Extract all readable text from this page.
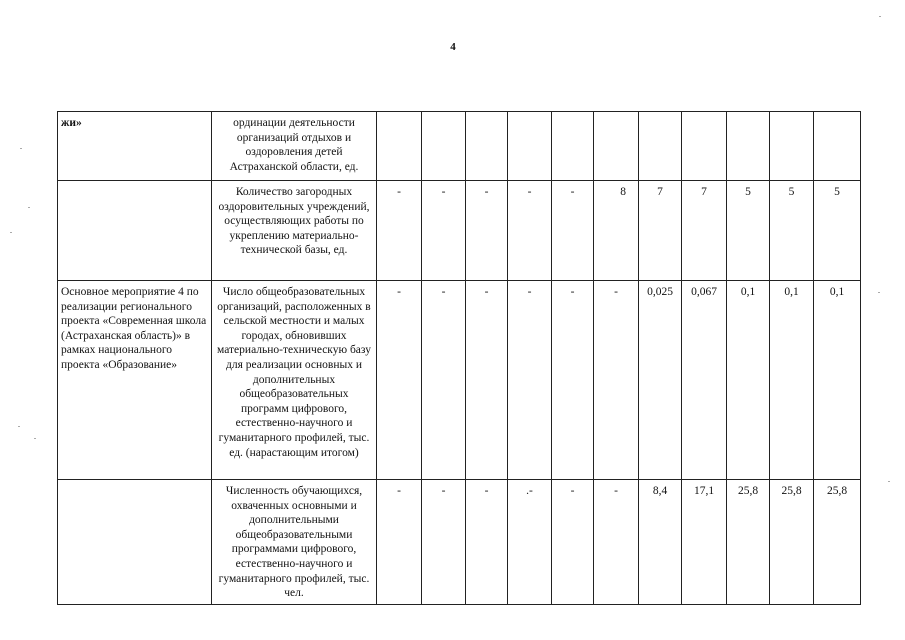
4
жи»	ординации деятельности организаций отдыхов и оздоровления детей Астраханской области, ед.											
	Количество загородных оздоровительных учреждений, осуществляющих работы по укреплению материально-технической базы, ед.	-	-	-	-	-	8	7	7	5	5	5
Основное мероприятие 4 по реализации регионального проекта «Современная школа (Астраханская область)» в рамках национального проекта «Образование»	Число общеобразовательных организаций, расположенных в сельской местности и малых городах, обновивших материально-техническую базу для реализации основных и дополнительных общеобразовательных программ цифрового, естественно-научного и гуманитарного профилей, тыс. ед. (нарастающим итогом)	-	-	-	-	-	-	0,025	0,067	0,1	0,1	0,1
	Численность обучающихся, охваченных основными и дополнительными общеобразовательными программами цифрового, естественно-научного и гуманитарного профилей, тыс. чел.	-	-	-	.-	-	-	8,4	17,1	25,8	25,8	25,8
